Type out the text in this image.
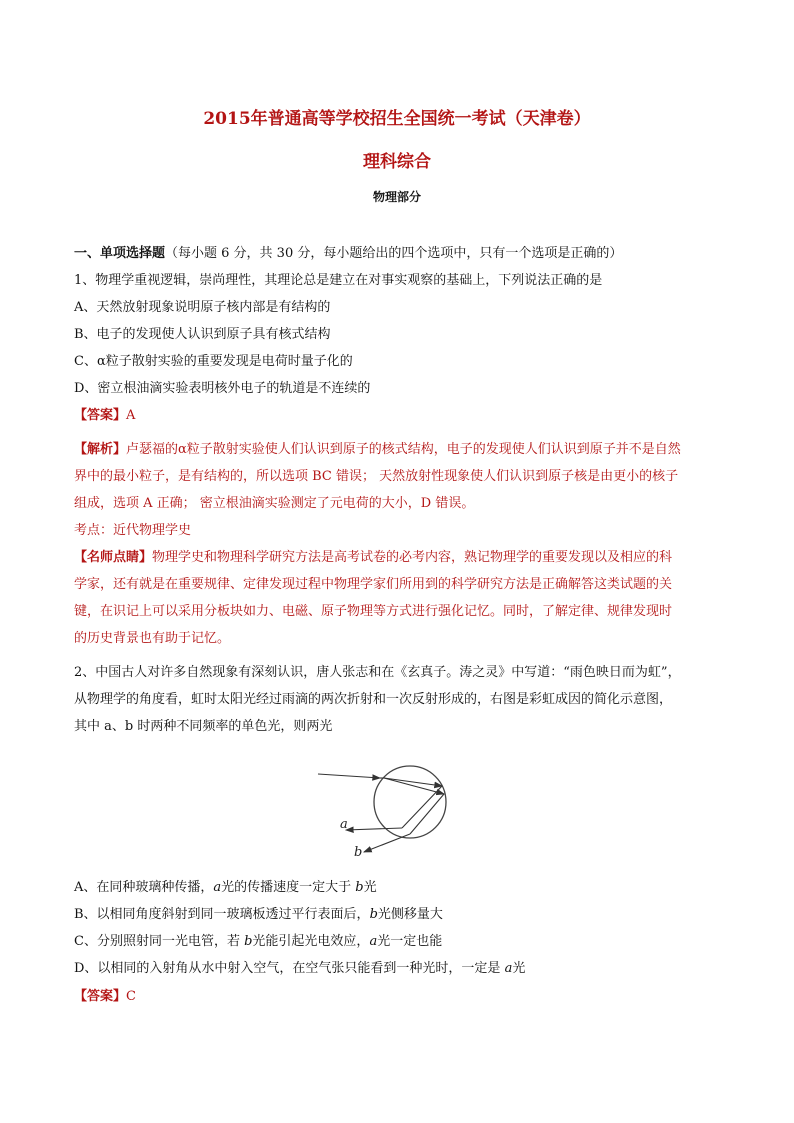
2015年普通高等学校招生全国统一考试（天津卷）
理科综合
物理部分
一、单项选择题（每小题 6 分，共 30 分，每小题给出的四个选项中，只有一个选项是正确的）
1、物理学重视逻辑，崇尚理性，其理论总是建立在对事实观察的基础上，下列说法正确的是
A、天然放射现象说明原子核内部是有结构的
B、电子的发现使人认识到原子具有核式结构
C、α粒子散射实验的重要发现是电荷时量子化的
D、密立根油滴实验表明核外电子的轨道是不连续的
【答案】A
【解析】卢瑟福的α粒子散射实验使人们认识到原子的核式结构，电子的发现使人们认识到原子并不是自然
界中的最小粒子，是有结构的，所以选项 BC 错误； 天然放射性现象使人们认识到原子核是由更小的核子
组成，选项 A 正确； 密立根油滴实验测定了元电荷的大小，D 错误。
考点：近代物理学史
【名师点睛】物理学史和物理科学研究方法是高考试卷的必考内容，熟记物理学的重要发现以及相应的科
学家，还有就是在重要规律、定律发现过程中物理学家们所用到的科学研究方法是正确解答这类试题的关
键，在识记上可以采用分板块如力、电磁、原子物理等方式进行强化记忆。同时，了解定律、规律发现时
的历史背景也有助于记忆。
2、中国古人对许多自然现象有深刻认识，唐人张志和在《玄真子。涛之灵》中写道：“雨色映日而为虹”，
从物理学的角度看，虹时太阳光经过雨滴的两次折射和一次反射形成的，右图是彩虹成因的简化示意图，
其中 a、b 时两种不同频率的单色光，则两光
a
b
A、在同种玻璃种传播，a光的传播速度一定大于 b光
B、以相同角度斜射到同一玻璃板透过平行表面后，b光侧移量大
C、分别照射同一光电管，若 b光能引起光电效应，a光一定也能
D、以相同的入射角从水中射入空气，在空气张只能看到一种光时，一定是 a光
【答案】C
